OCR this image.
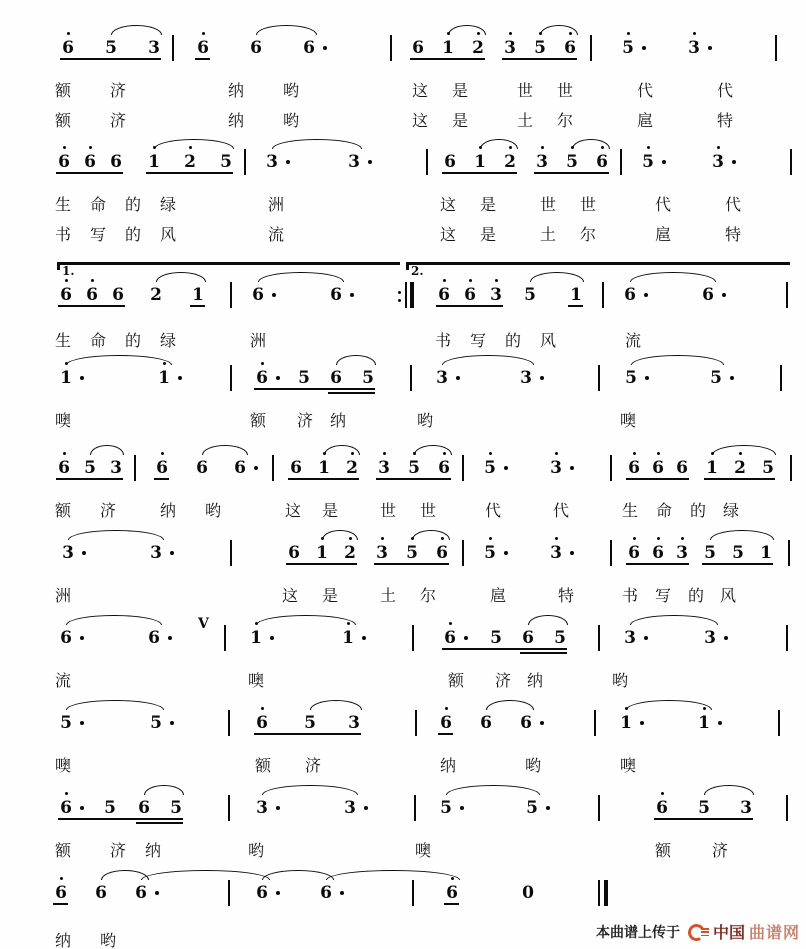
6 5 3 6 6 6	6 1 2 3 5 6	5	3
额 济	纳 哟	这 是	世 世	代	代
额 济	纳 哟	这 是	土 尔	扈	特
6 6 6 1 2 5 3	3	6 1 2 3 5 6 5	3
生 命 的 绿	洲	这 是	世 世	代	代
书 写 的 风	流	这 是	土 尔	扈	特
1.	2.
6 6 6 2 1	6	6	6 6 3 5 1 6	6
生 命 的 绿	洲	书 写 的 风	流
1	1	6 5 6 5	3	3	5	5
噢	额 济 纳	哟	噢
6 5 3 6 6 6	6 1 2 3 5 6 5	3	6 6 6 1 2 5
额 济	纳 哟	这 是	世 世	代	代	生 命 的 绿
3	3	6 1 2 3 5 6 5	3	6 6 3 5 5 1
洲	这 是	土 尔	扈	特	书 写 的 风
6	6
V
1	1	6 5 6 5	3	3
流	噢	额 济 纳	哟
5	5	6 5 3	6 6 6	1	1
噢	额 济	纳	哟	噢
6 5 6 5	3	3	5	5	6 5 3
额 济 纳	哟	噢	额	济
6 6 6	6	6	6	0
纳 哟	本曲谱上传于 中国 曲谱网
